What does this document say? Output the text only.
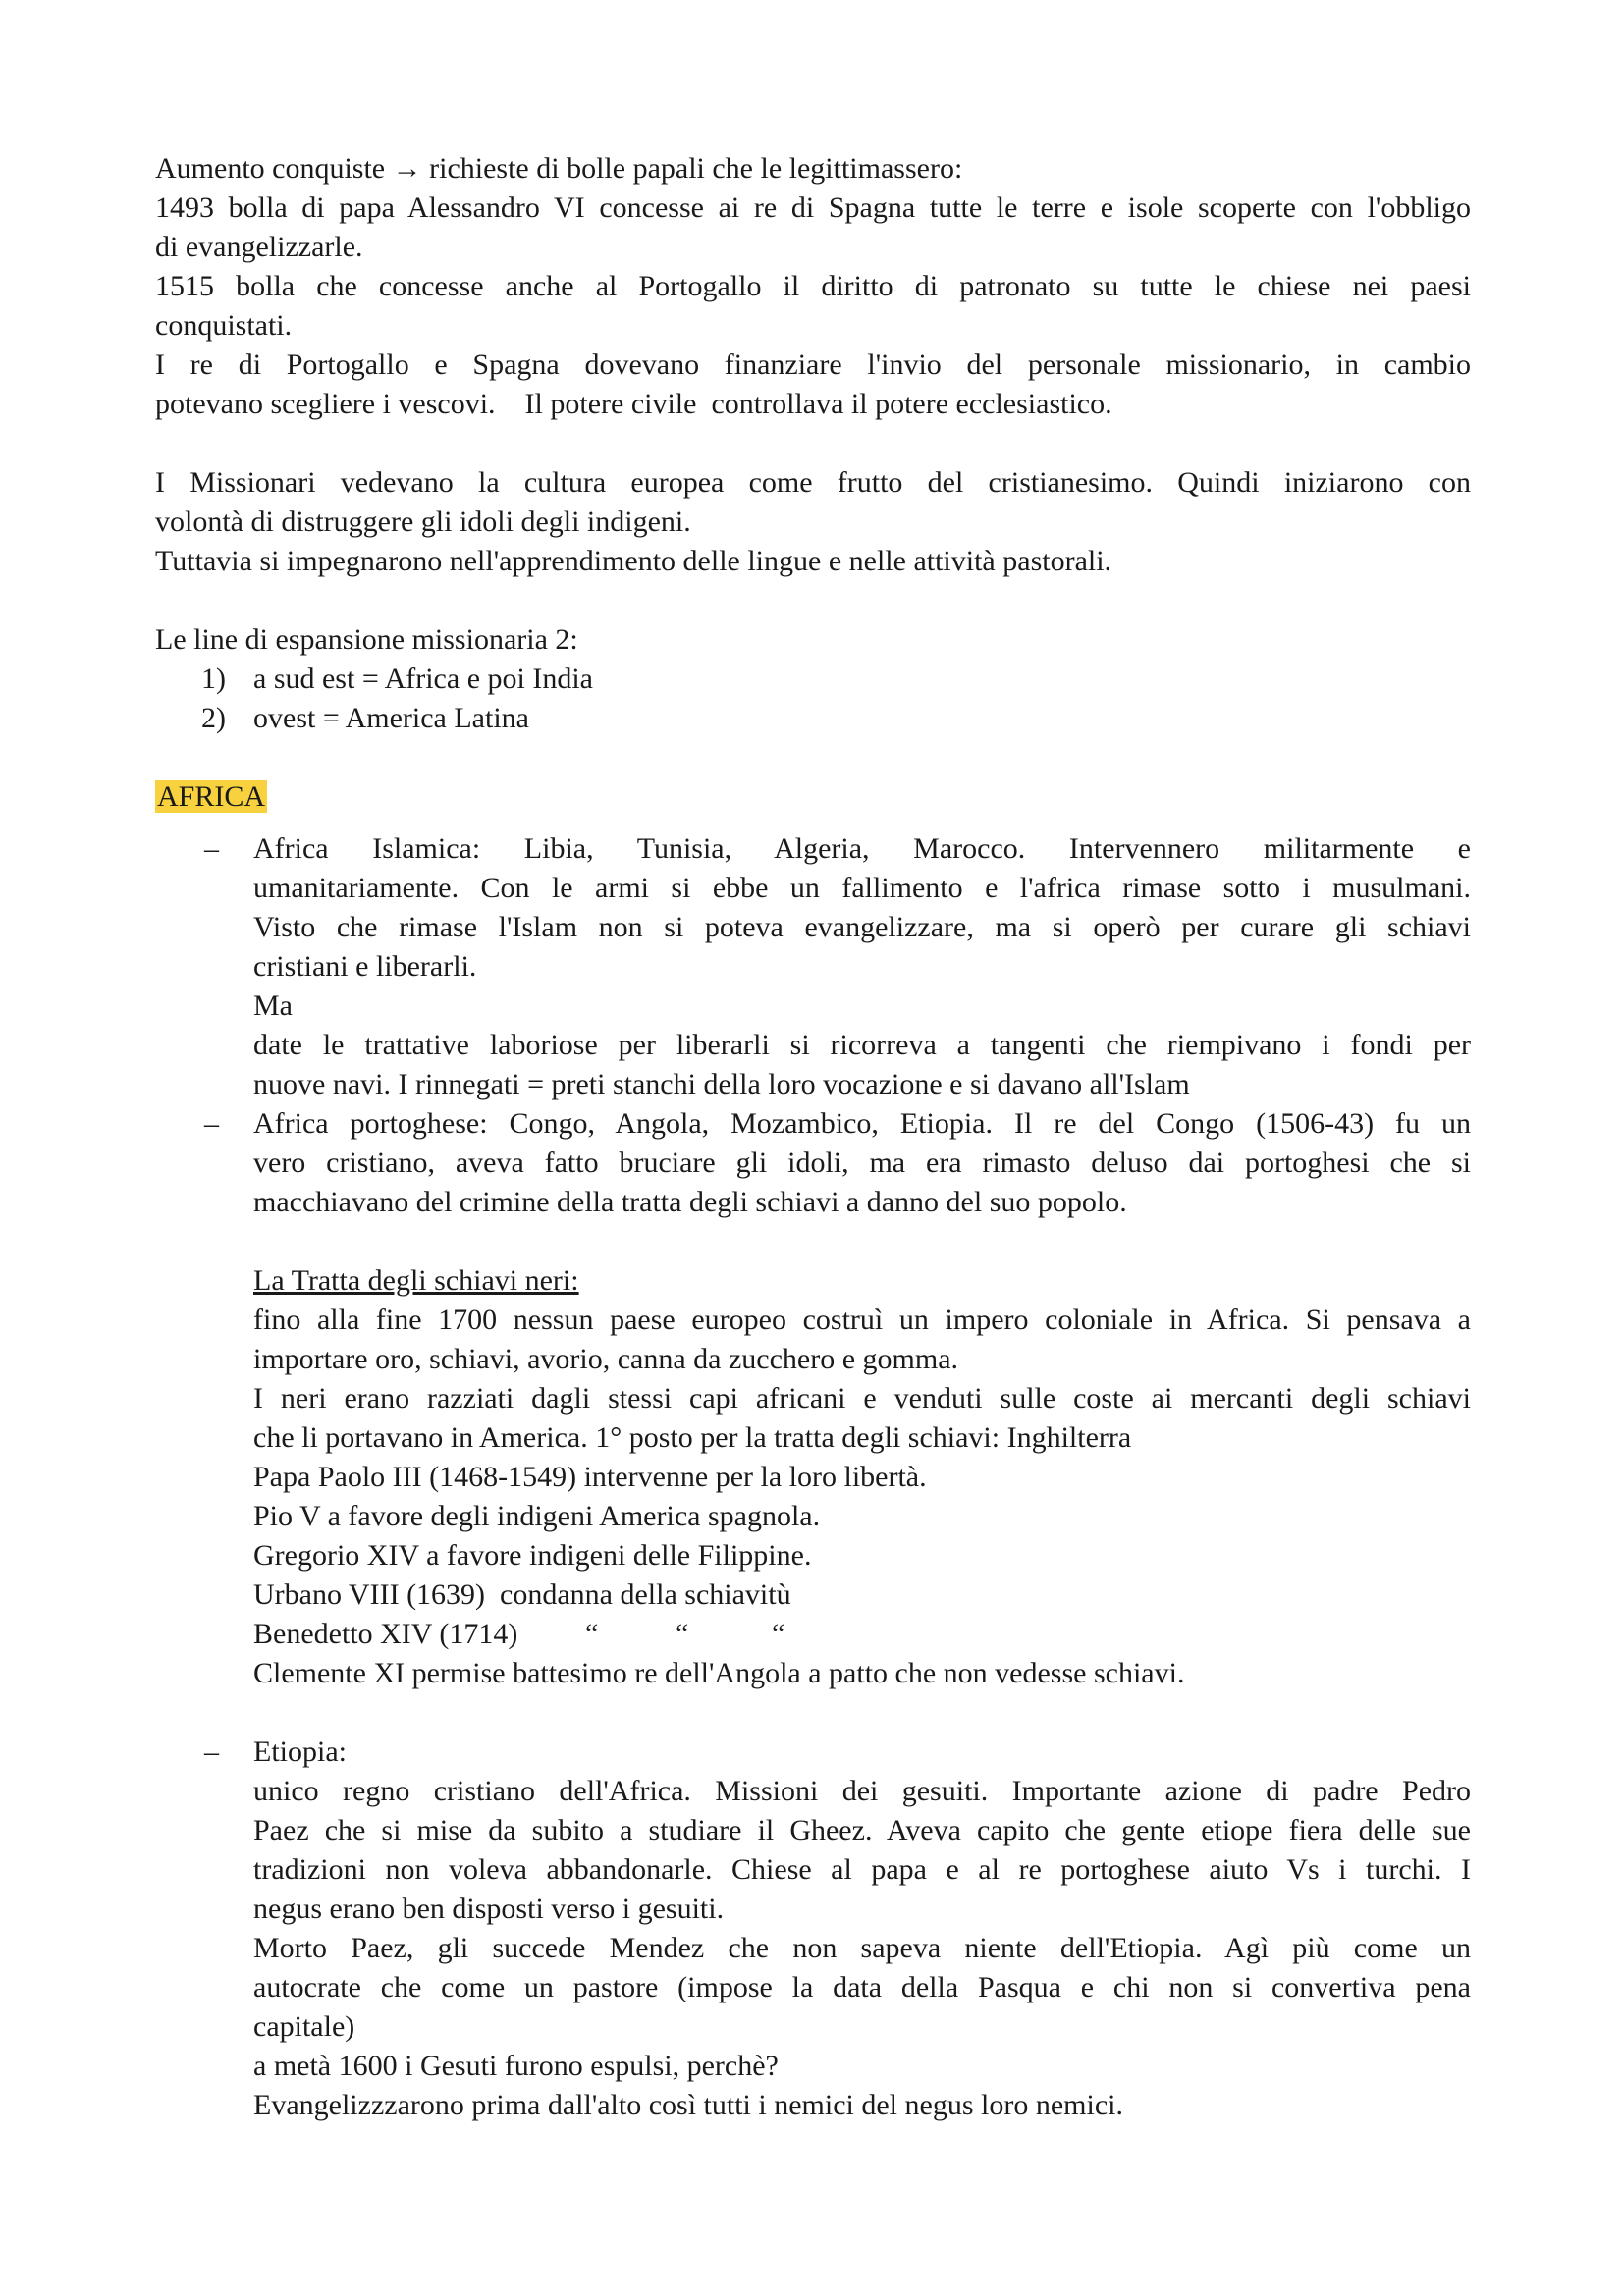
Aumento conquiste → richieste di bolle papali che le legittimassero:
1493 bolla di papa Alessandro VI concesse ai re di Spagna tutte le terre e isole scoperte con l'obbligo
di evangelizzarle.
1515 bolla che concesse anche al Portogallo il diritto di patronato su tutte le chiese nei paesi
conquistati.
I re di Portogallo e Spagna dovevano finanziare l'invio del personale missionario, in cambio
potevano scegliere i vescovi.    Il potere civile  controllava il potere ecclesiastico.
I Missionari vedevano la cultura europea come frutto del cristianesimo. Quindi iniziarono con
volontà di distruggere gli idoli degli indigeni.
Tuttavia si impegnarono nell'apprendimento delle lingue e nelle attività pastorali.
Le line di espansione missionaria 2:
1) a sud est = Africa e poi India
2) ovest = America Latina
AFRICA
– Africa Islamica: Libia, Tunisia, Algeria, Marocco. Intervennero militarmente e
umanitariamente. Con le armi si ebbe un fallimento e l'africa rimase sotto i musulmani.
Visto che rimase l'Islam non si poteva evangelizzare, ma si operò per curare gli schiavi
cristiani e liberarli.
Ma
date le trattative laboriose per liberarli si ricorreva a tangenti che riempivano i fondi per
nuove navi. I rinnegati = preti stanchi della loro vocazione e si davano all'Islam
– Africa portoghese: Congo, Angola, Mozambico, Etiopia. Il re del Congo (1506-43) fu un
vero cristiano, aveva fatto bruciare gli idoli, ma era rimasto deluso dai portoghesi che si
macchiavano del crimine della tratta degli schiavi a danno del suo popolo.
La Tratta degli schiavi neri:
fino alla fine 1700 nessun paese europeo costruì un impero coloniale in Africa. Si pensava a
importare oro, schiavi, avorio, canna da zucchero e gomma.
I neri erano razziati dagli stessi capi africani e venduti sulle coste ai mercanti degli schiavi
che li portavano in America. 1° posto per la tratta degli schiavi: Inghilterra
Papa Paolo III (1468-1549) intervenne per la loro libertà.
Pio V a favore degli indigeni America spagnola.
Gregorio XIV a favore indigeni delle Filippine.
Urbano VIII (1639)  condanna della schiavitù
Benedetto XIV (1714) “	“	“
Clemente XI permise battesimo re dell'Angola a patto che non vedesse schiavi.
– Etiopia:
unico regno cristiano dell'Africa. Missioni dei gesuiti. Importante azione di padre Pedro
Paez che si mise da subito a studiare il Gheez. Aveva capito che gente etiope fiera delle sue
tradizioni non voleva abbandonarle. Chiese al papa e al re portoghese aiuto Vs i turchi. I
negus erano ben disposti verso i gesuiti.
Morto Paez, gli succede Mendez che non sapeva niente dell'Etiopia. Agì più come un
autocrate che come un pastore (impose la data della Pasqua e chi non si convertiva pena
capitale)
a metà 1600 i Gesuti furono espulsi, perchè?
Evangelizzzarono prima dall'alto così tutti i nemici del negus loro nemici.
